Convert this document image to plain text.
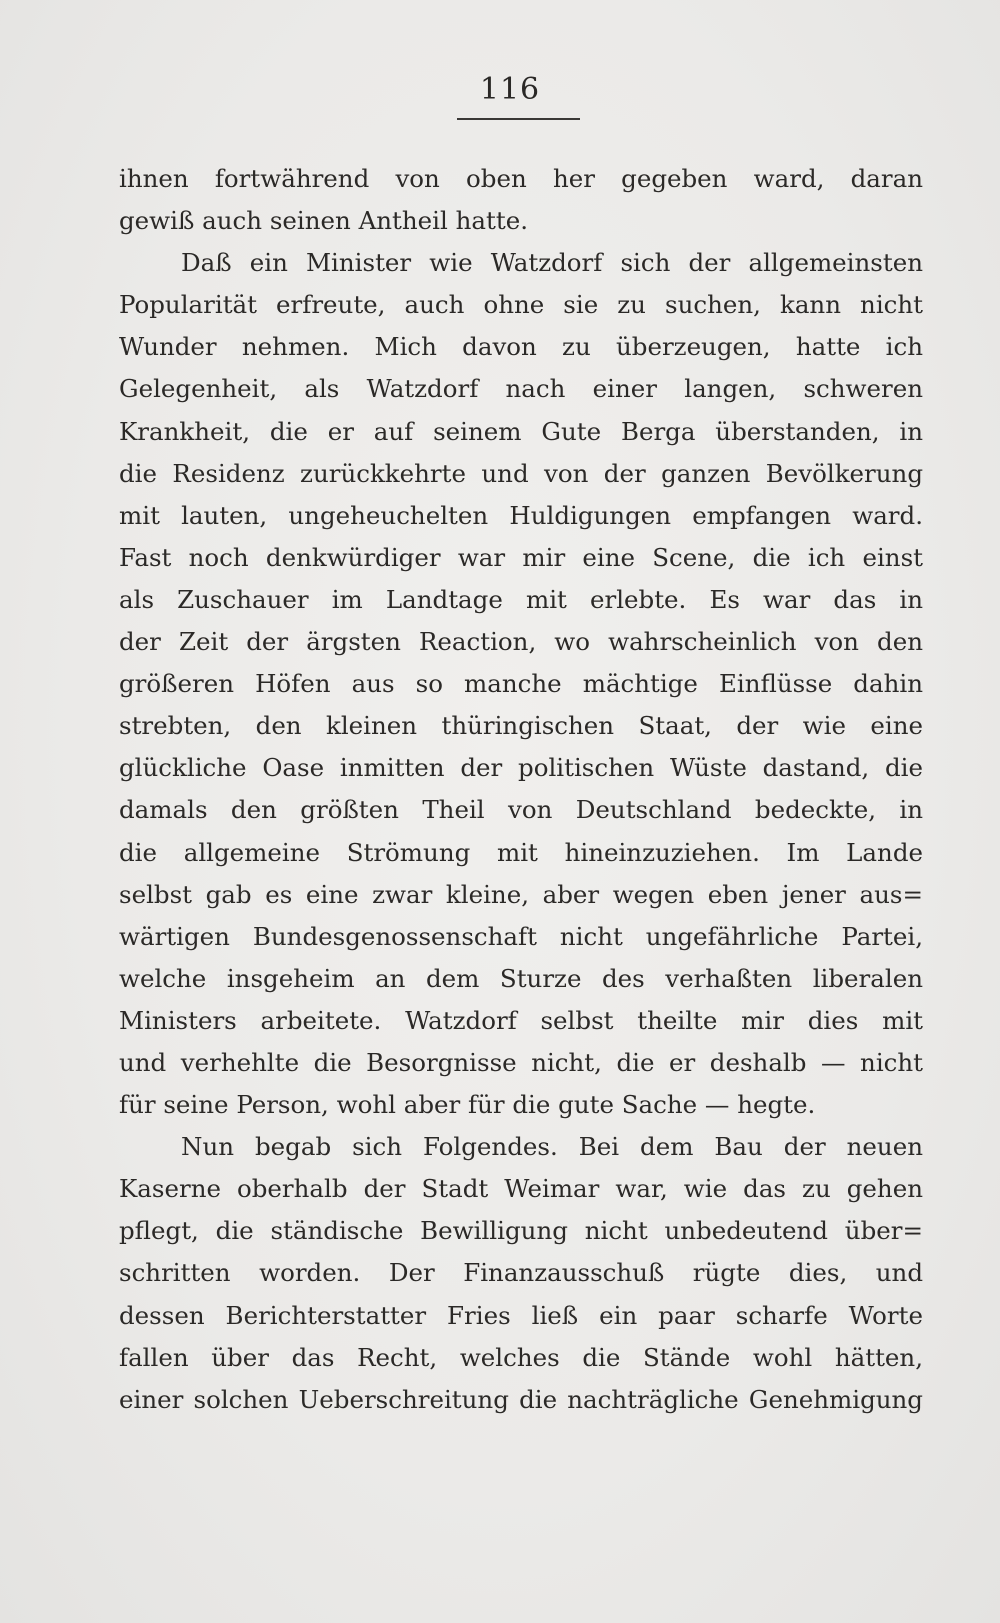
116
ihnen fortwährend von oben her gegeben ward, daran
gewiß auch seinen Antheil hatte.
Daß ein Minister wie Watzdorf sich der allgemeinsten
Popularität erfreute, auch ohne sie zu suchen, kann nicht
Wunder nehmen. Mich davon zu überzeugen, hatte ich
Gelegenheit, als Watzdorf nach einer langen, schweren
Krankheit, die er auf seinem Gute Berga überstanden, in
die Residenz zurückkehrte und von der ganzen Bevölkerung
mit lauten, ungeheuchelten Huldigungen empfangen ward.
Fast noch denkwürdiger war mir eine Scene, die ich einst
als Zuschauer im Landtage mit erlebte. Es war das in
der Zeit der ärgsten Reaction, wo wahrscheinlich von den
größeren Höfen aus so manche mächtige Einflüsse dahin
strebten, den kleinen thüringischen Staat, der wie eine
glückliche Oase inmitten der politischen Wüste dastand, die
damals den größten Theil von Deutschland bedeckte, in
die allgemeine Strömung mit hineinzuziehen. Im Lande
selbst gab es eine zwar kleine, aber wegen eben jener aus=
wärtigen Bundesgenossenschaft nicht ungefährliche Partei,
welche insgeheim an dem Sturze des verhaßten liberalen
Ministers arbeitete. Watzdorf selbst theilte mir dies mit
und verhehlte die Besorgnisse nicht, die er deshalb — nicht
für seine Person, wohl aber für die gute Sache — hegte.
Nun begab sich Folgendes. Bei dem Bau der neuen
Kaserne oberhalb der Stadt Weimar war, wie das zu gehen
pflegt, die ständische Bewilligung nicht unbedeutend über=
schritten worden. Der Finanzausschuß rügte dies, und
dessen Berichterstatter Fries ließ ein paar scharfe Worte
fallen über das Recht, welches die Stände wohl hätten,
einer solchen Ueberschreitung die nachträgliche Genehmigung
